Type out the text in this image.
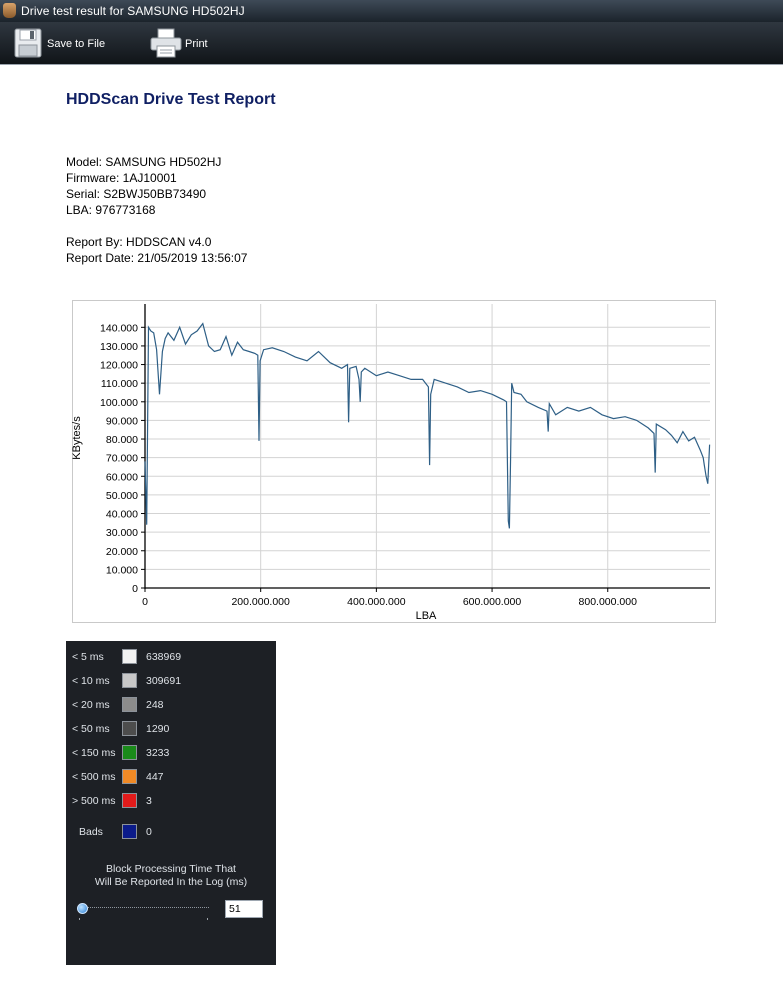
Drive test result for SAMSUNG HD502HJ
Save to File	Print
HDDScan Drive Test Report
Model: SAMSUNG HD502HJ
Firmware: 1AJ10001
Serial: S2BWJ50BB73490
LBA: 976773168
Report By: HDDSCAN v4.0
Report Date: 21/05/2019 13:56:07
0
10.000
20.000
30.000
40.000
50.000
60.000
70.000
80.000
90.000
100.000
110.000
120.000
130.000
140.000
0	200.000.000	400.000.000	600.000.000	800.000.000
LBA
KBytes/s
< 5 ms	638969
< 10 ms	309691
< 20 ms	248
< 50 ms	1290
< 150 ms	3233
< 500 ms	447
> 500 ms	3
Bads	0
Block Processing Time That
Will Be Reported In the Log (ms)
51
